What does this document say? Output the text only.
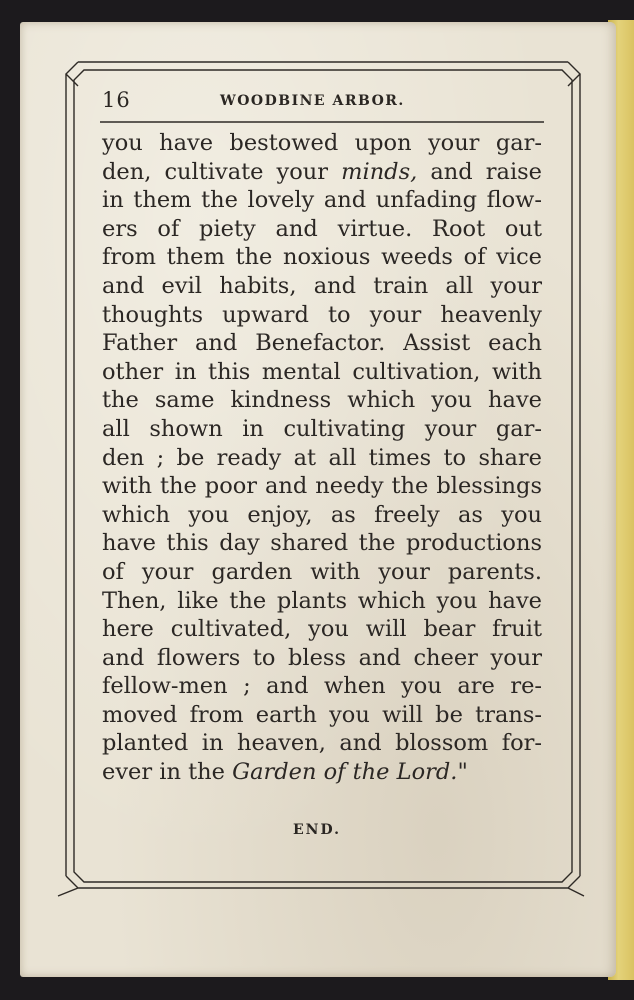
16	WOODBINE ARBOR.
you have bestowed upon your gar-
den, cultivate your minds, and raise
in them the lovely and unfading flow-
ers of piety and virtue. Root out
from them the noxious weeds of vice
and evil habits, and train all your
thoughts upward to your heavenly
Father and Benefactor. Assist each
other in this mental cultivation, with
the same kindness which you have
all shown in cultivating your gar-
den ; be ready at all times to share
with the poor and needy the blessings
which you enjoy, as freely as you
have this day shared the productions
of your garden with your parents.
Then, like the plants which you have
here cultivated, you will bear fruit
and flowers to bless and cheer your
fellow-men ; and when you are re-
moved from earth you will be trans-
planted in heaven, and blossom for-
ever in the Garden of the Lord."
END.
